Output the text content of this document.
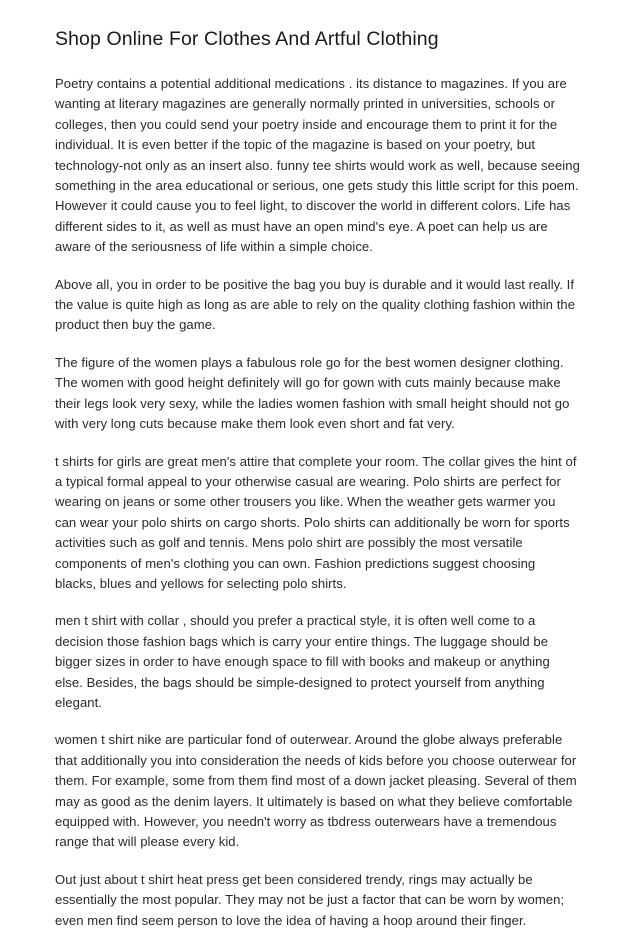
Shop Online For Clothes And Artful Clothing

Poetry contains a potential additional medications . its distance to magazines. If you are wanting at literary magazines are generally normally printed in universities, schools or colleges, then you could send your poetry inside and encourage them to print it for the individual. It is even better if the topic of the magazine is based on your poetry, but technology-not only as an insert also. funny tee shirts would work as well, because seeing something in the area educational or serious, one gets study this little script for this poem. However it could cause you to feel light, to discover the world in different colors. Life has different sides to it, as well as must have an open mind's eye. A poet can help us are aware of the seriousness of life within a simple choice.

Above all, you in order to be positive the bag you buy is durable and it would last really. If the value is quite high as long as are able to rely on the quality clothing fashion within the product then buy the game.

The figure of the women plays a fabulous role go for the best women designer clothing. The women with good height definitely will go for gown with cuts mainly because make their legs look very sexy, while the ladies women fashion with small height should not go with very long cuts because make them look even short and fat very.

t shirts for girls are great men's attire that complete your room. The collar gives the hint of a typical formal appeal to your otherwise casual are wearing. Polo shirts are perfect for wearing on jeans or some other trousers you like. When the weather gets warmer you can wear your polo shirts on cargo shorts. Polo shirts can additionally be worn for sports activities such as golf and tennis. Mens polo shirt are possibly the most versatile components of men's clothing you can own. Fashion predictions suggest choosing blacks, blues and yellows for selecting polo shirts.

men t shirt with collar , should you prefer a practical style, it is often well come to a decision those fashion bags which is carry your entire things. The luggage should be bigger sizes in order to have enough space to fill with books and makeup or anything else. Besides, the bags should be simple-designed to protect yourself from anything elegant.

women t shirt nike are particular fond of outerwear. Around the globe always preferable that additionally you into consideration the needs of kids before you choose outerwear for them. For example, some from them find most of a down jacket pleasing. Several of them may as good as the denim layers. It ultimately is based on what they believe comfortable equipped with. However, you needn't worry as tbdress outerwears have a tremendous range that will please every kid.

Out just about t shirt heat press get been considered trendy, rings may actually be essentially the most popular. They may not be just a factor that can be worn by women; even men find seem person to love the idea of having a hoop around their finger.
